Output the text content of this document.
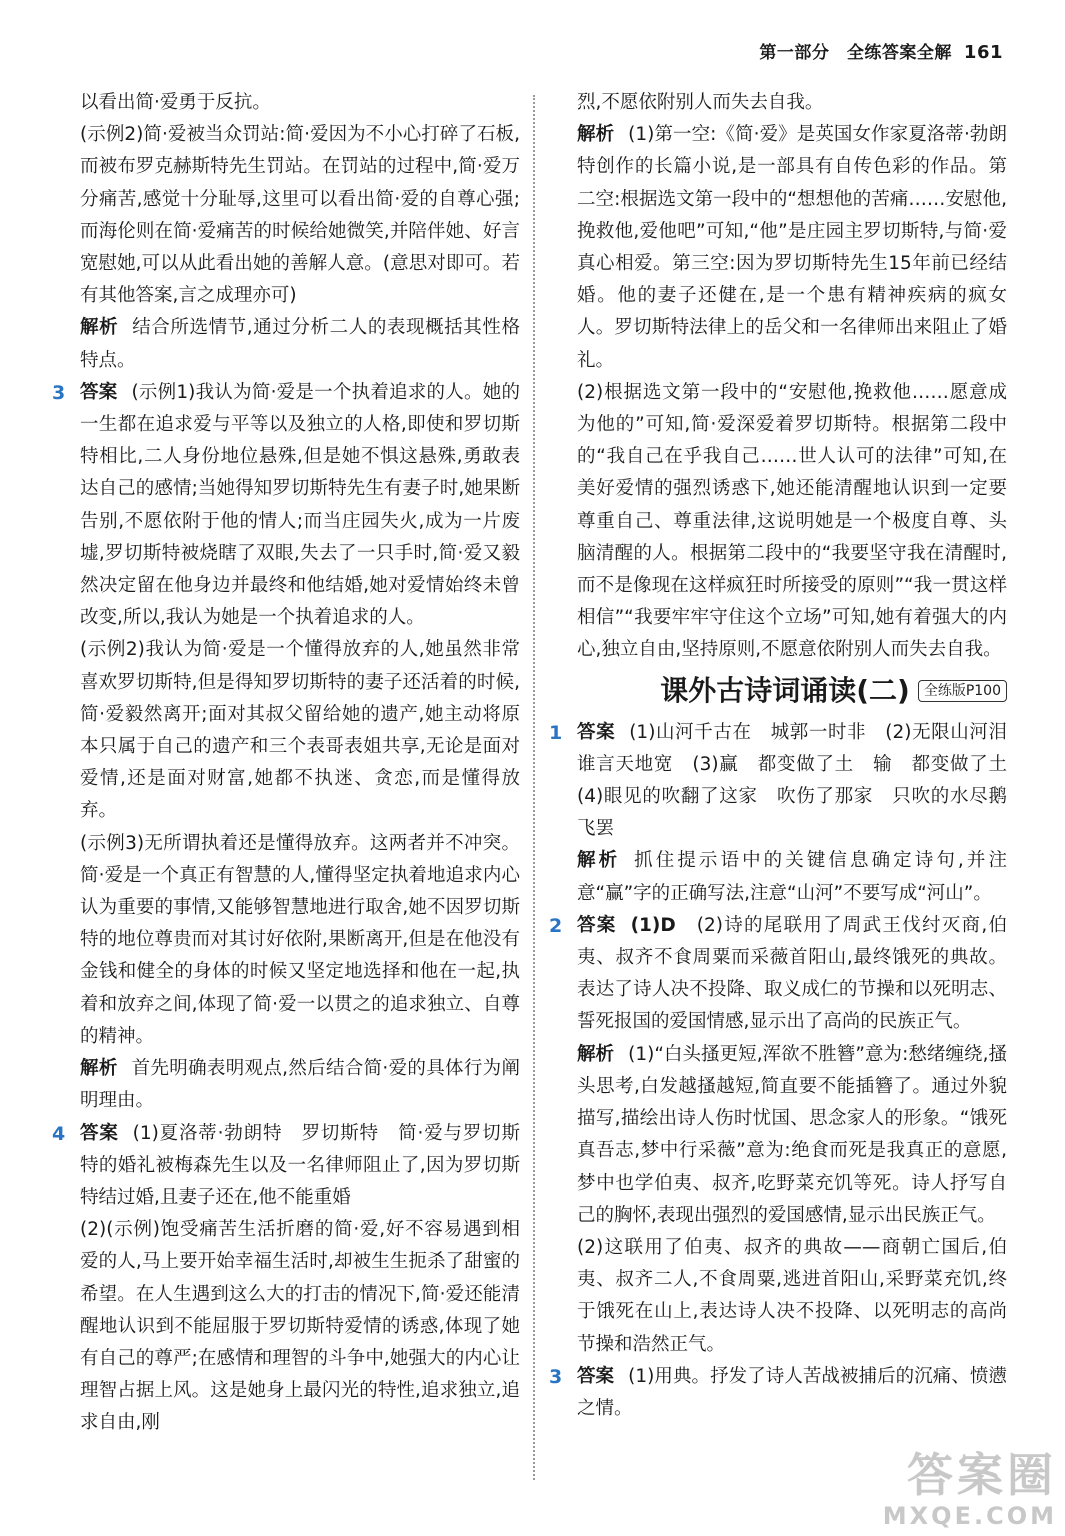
第一部分　全练答案全解 161

以看出简·爱勇于反抗。

(示例2)简·爱被当众罚站:简·爱因为不小心打碎了石板,而被布罗克赫斯特先生罚站。在罚站的过程中,简·爱万分痛苦,感觉十分耻辱,这里可以看出简·爱的自尊心强;而海伦则在简·爱痛苦的时候给她微笑,并陪伴她、好言宽慰她,可以从此看出她的善解人意。(意思对即可。若有其他答案,言之成理亦可)

解析 结合所选情节,通过分析二人的表现概括其性格特点。

3 答案 (示例1)我认为简·爱是一个执着追求的人。她的一生都在追求爱与平等以及独立的人格,即使和罗切斯特相比,二人身份地位悬殊,但是她不惧这悬殊,勇敢表达自己的感情;当她得知罗切斯特先生有妻子时,她果断告别,不愿依附于他的情人;而当庄园失火,成为一片废墟,罗切斯特被烧瞎了双眼,失去了一只手时,简·爱又毅然决定留在他身边并最终和他结婚,她对爱情始终未曾改变,所以,我认为她是一个执着追求的人。

(示例2)我认为简·爱是一个懂得放弃的人,她虽然非常喜欢罗切斯特,但是得知罗切斯特的妻子还活着的时候,简·爱毅然离开;面对其叔父留给她的遗产,她主动将原本只属于自己的遗产和三个表哥表姐共享,无论是面对爱情,还是面对财富,她都不执迷、贪恋,而是懂得放弃。

(示例3)无所谓执着还是懂得放弃。这两者并不冲突。简·爱是一个真正有智慧的人,懂得坚定执着地追求内心认为重要的事情,又能够智慧地进行取舍,她不因罗切斯特的地位尊贵而对其讨好依附,果断离开,但是在他没有金钱和健全的身体的时候又坚定地选择和他在一起,执着和放弃之间,体现了简·爱一以贯之的追求独立、自尊的精神。

解析 首先明确表明观点,然后结合简·爱的具体行为阐明理由。

4 答案 (1)夏洛蒂·勃朗特　罗切斯特　简·爱与罗切斯特的婚礼被梅森先生以及一名律师阻止了,因为罗切斯特结过婚,且妻子还在,他不能重婚

(2)(示例)饱受痛苦生活折磨的简·爱,好不容易遇到相爱的人,马上要开始幸福生活时,却被生生扼杀了甜蜜的希望。在人生遇到这么大的打击的情况下,简·爱还能清醒地认识到不能屈服于罗切斯特爱情的诱惑,体现了她有自己的尊严;在感情和理智的斗争中,她强大的内心让理智占据上风。这是她身上最闪光的特性,追求独立,追求自由,刚

烈,不愿依附别人而失去自我。

解析 (1)第一空:《简·爱》是英国女作家夏洛蒂·勃朗特创作的长篇小说,是一部具有自传色彩的作品。第二空:根据选文第一段中的“想想他的苦痛……安慰他,挽救他,爱他吧”可知,“他”是庄园主罗切斯特,与简·爱真心相爱。第三空:因为罗切斯特先生15年前已经结婚。他的妻子还健在,是一个患有精神疾病的疯女人。罗切斯特法律上的岳父和一名律师出来阻止了婚礼。

(2)根据选文第一段中的“安慰他,挽救他……愿意成为他的”可知,简·爱深爱着罗切斯特。根据第二段中的“我自己在乎我自己……世人认可的法律”可知,在美好爱情的强烈诱惑下,她还能清醒地认识到一定要尊重自己、尊重法律,这说明她是一个极度自尊、头脑清醒的人。根据第二段中的“我要坚守我在清醒时,而不是像现在这样疯狂时所接受的原则”“我一贯这样相信”“我要牢牢守住这个立场”可知,她有着强大的内心,独立自由,坚持原则,不愿意依附别人而失去自我。

课外古诗词诵读(二) 全练版P100
1 答案 (1)山河千古在　城郭一时非　(2)无限山河泪　谁言天地宽　(3)赢　都变做了土　输　都变做了土　(4)眼见的吹翻了这家　吹伤了那家　只吹的水尽鹅飞罢

解析 抓住提示语中的关键信息确定诗句,并注意“赢”字的正确写法,注意“山河”不要写成“河山”。

2 答案 (1)D　 (2)诗的尾联用了周武王伐纣灭商,伯夷、叔齐不食周粟而采薇首阳山,最终饿死的典故。表达了诗人决不投降、取义成仁的节操和以死明志、誓死报国的爱国情感,显示出了高尚的民族正气。

解析 (1)“白头搔更短,浑欲不胜簪”意为:愁绪缠绕,搔头思考,白发越搔越短,简直要不能插簪了。通过外貌描写,描绘出诗人伤时忧国、思念家人的形象。“饿死真吾志,梦中行采薇”意为:绝食而死是我真正的意愿,梦中也学伯夷、叔齐,吃野菜充饥等死。诗人抒写自己的胸怀,表现出强烈的爱国感情,显示出民族正气。

(2)这联用了伯夷、叔齐的典故——商朝亡国后,伯夷、叔齐二人,不食周粟,逃进首阳山,采野菜充饥,终于饿死在山上,表达诗人决不投降、以死明志的高尚节操和浩然正气。

3 答案 (1)用典。抒发了诗人苦战被捕后的沉痛、愤懑之情。

答案圈
MXQE.COM
